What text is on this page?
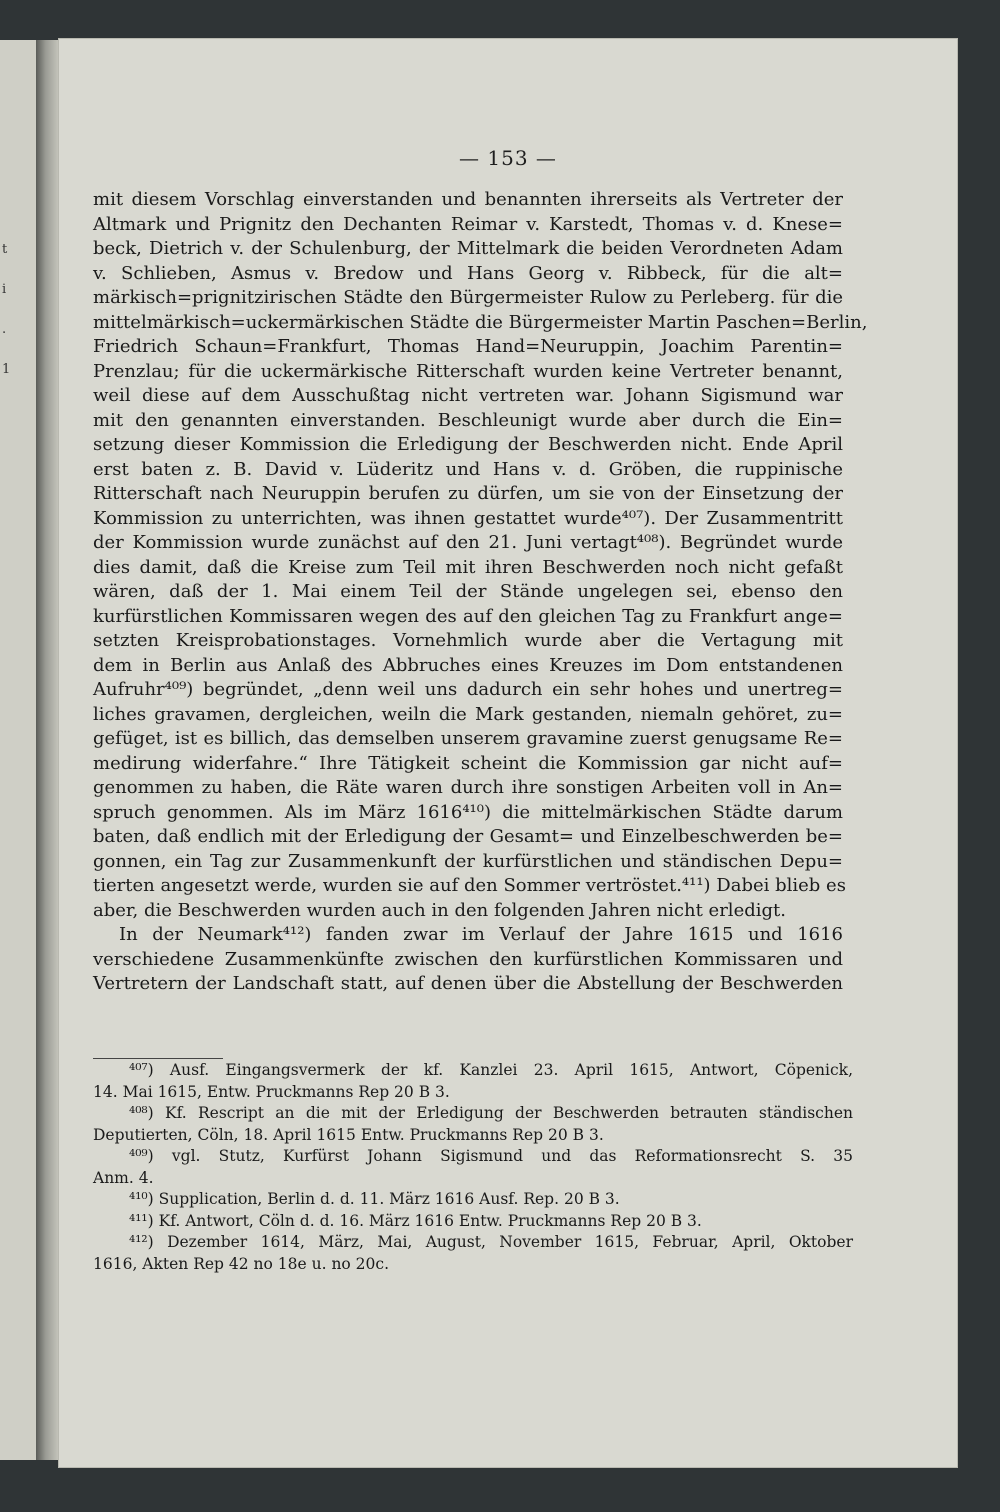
t
i
.
1
— 153 —
mit diesem Vorschlag einverstanden und benannten ihrerseits als Vertreter der
Altmark und Prignitz den Dechanten Reimar v. Karstedt, Thomas v. d. Knese=
beck, Dietrich v. der Schulenburg, der Mittelmark die beiden Verordneten Adam
v. Schlieben, Asmus v. Bredow und Hans Georg v. Ribbeck, für die alt=
märkisch=prignitzirischen Städte den Bürgermeister Rulow zu Perleberg. für die
mittelmärkisch=uckermärkischen Städte die Bürgermeister Martin Paschen=Berlin,
Friedrich Schaun=Frankfurt, Thomas Hand=Neuruppin, Joachim Parentin=
Prenzlau; für die uckermärkische Ritterschaft wurden keine Vertreter benannt,
weil diese auf dem Ausschußtag nicht vertreten war. Johann Sigismund war
mit den genannten einverstanden. Beschleunigt wurde aber durch die Ein=
setzung dieser Kommission die Erledigung der Beschwerden nicht. Ende April
erst baten z. B. David v. Lüderitz und Hans v. d. Gröben, die ruppinische
Ritterschaft nach Neuruppin berufen zu dürfen, um sie von der Einsetzung der
Kommission zu unterrichten, was ihnen gestattet wurde⁴⁰⁷). Der Zusammentritt
der Kommission wurde zunächst auf den 21. Juni vertagt⁴⁰⁸). Begründet wurde
dies damit, daß die Kreise zum Teil mit ihren Beschwerden noch nicht gefaßt
wären, daß der 1. Mai einem Teil der Stände ungelegen sei, ebenso den
kurfürstlichen Kommissaren wegen des auf den gleichen Tag zu Frankfurt ange=
setzten Kreisprobationstages. Vornehmlich wurde aber die Vertagung mit
dem in Berlin aus Anlaß des Abbruches eines Kreuzes im Dom entstandenen
Aufruhr⁴⁰⁹) begründet, „denn weil uns dadurch ein sehr hohes und unertreg=
liches gravamen, dergleichen, weiln die Mark gestanden, niemaln gehöret, zu=
gefüget, ist es billich, das demselben unserem gravamine zuerst genugsame Re=
medirung widerfahre.“ Ihre Tätigkeit scheint die Kommission gar nicht auf=
genommen zu haben, die Räte waren durch ihre sonstigen Arbeiten voll in An=
spruch genommen. Als im März 1616⁴¹⁰) die mittelmärkischen Städte darum
baten, daß endlich mit der Erledigung der Gesamt= und Einzelbeschwerden be=
gonnen, ein Tag zur Zusammenkunft der kurfürstlichen und ständischen Depu=
tierten angesetzt werde, wurden sie auf den Sommer vertröstet.⁴¹¹) Dabei blieb es
aber, die Beschwerden wurden auch in den folgenden Jahren nicht erledigt.
In der Neumark⁴¹²) fanden zwar im Verlauf der Jahre 1615 und 1616
verschiedene Zusammenkünfte zwischen den kurfürstlichen Kommissaren und
Vertretern der Landschaft statt, auf denen über die Abstellung der Beschwerden
⁴⁰⁷) Ausf. Eingangsvermerk der kf. Kanzlei 23. April 1615, Antwort, Cöpenick,
14. Mai 1615, Entw. Pruckmanns Rep 20 B 3.
⁴⁰⁸) Kf. Rescript an die mit der Erledigung der Beschwerden betrauten ständischen
Deputierten, Cöln, 18. April 1615 Entw. Pruckmanns Rep 20 B 3.
⁴⁰⁹) vgl. Stutz, Kurfürst Johann Sigismund und das Reformationsrecht S. 35
Anm. 4.
⁴¹⁰) Supplication, Berlin d. d. 11. März 1616 Ausf. Rep. 20 B 3.
⁴¹¹) Kf. Antwort, Cöln d. d. 16. März 1616 Entw. Pruckmanns Rep 20 B 3.
⁴¹²) Dezember 1614, März, Mai, August, November 1615, Februar, April, Oktober
1616, Akten Rep 42 no 18e u. no 20c.
